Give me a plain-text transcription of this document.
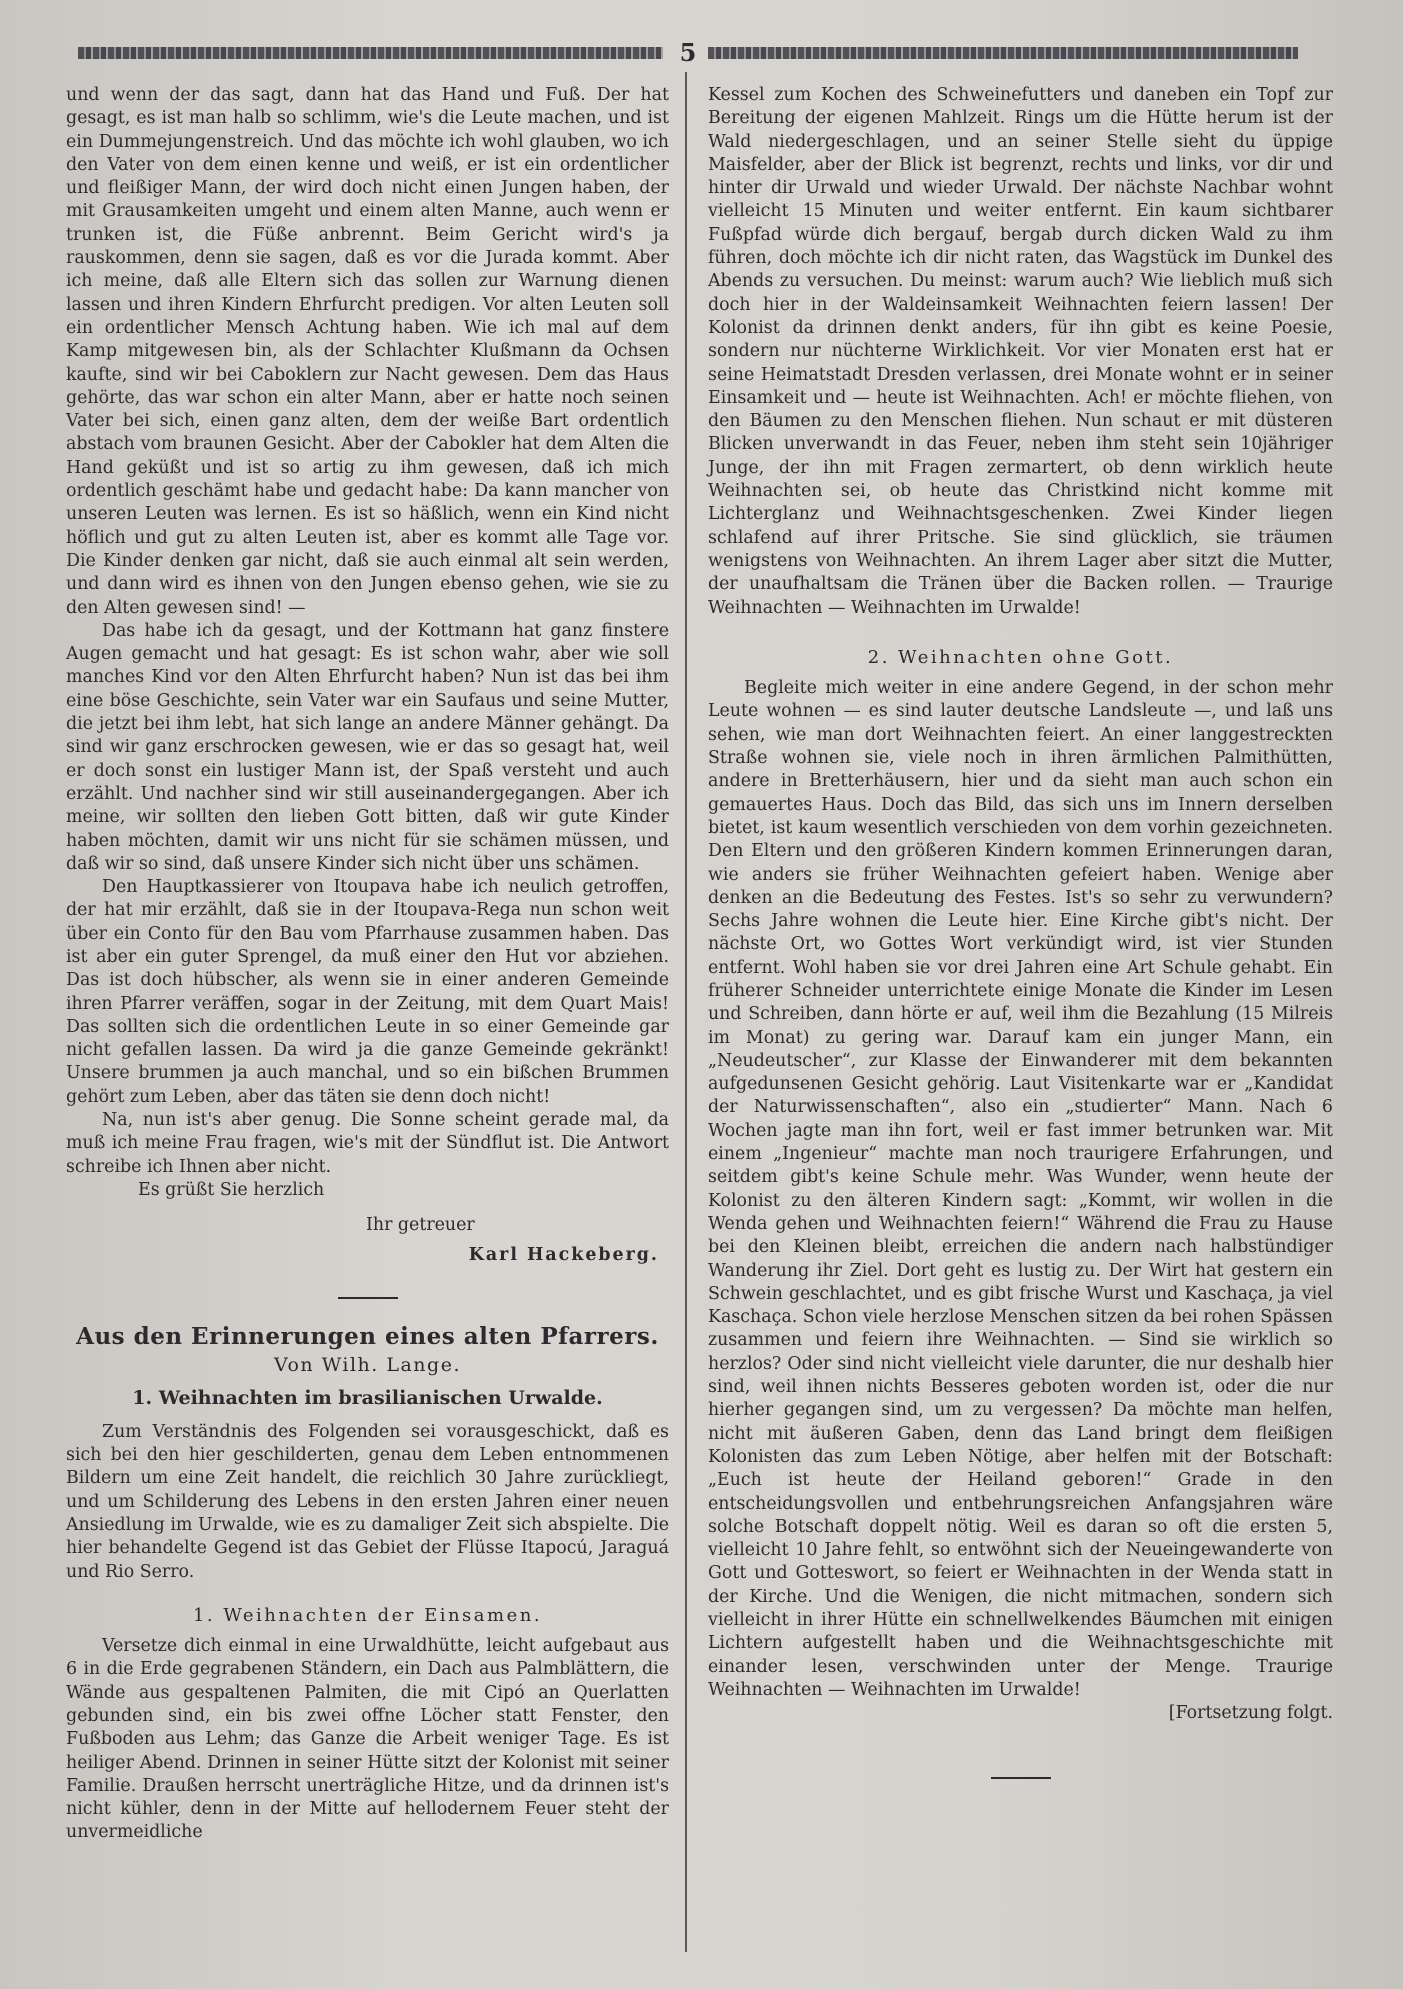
5

und wenn der das sagt, dann hat das Hand und Fuß. Der hat gesagt, es ist man halb so schlimm, wie's die Leute machen, und ist ein Dummejungenstreich. Und das möchte ich wohl glauben, wo ich den Vater von dem einen kenne und weiß, er ist ein ordentlicher und fleißiger Mann, der wird doch nicht einen Jungen haben, der mit Grausamkeiten umgeht und einem alten Manne, auch wenn er trunken ist, die Füße anbrennt. Beim Gericht wird's ja rauskommen, denn sie sagen, daß es vor die Jurada kommt. Aber ich meine, daß alle Eltern sich das sollen zur Warnung dienen lassen und ihren Kindern Ehrfurcht predigen. Vor alten Leuten soll ein ordentlicher Mensch Achtung haben. Wie ich mal auf dem Kamp mitgewesen bin, als der Schlachter Klußmann da Ochsen kaufte, sind wir bei Caboklern zur Nacht gewesen. Dem das Haus gehörte, das war schon ein alter Mann, aber er hatte noch seinen Vater bei sich, einen ganz alten, dem der weiße Bart ordentlich abstach vom braunen Gesicht. Aber der Cabokler hat dem Alten die Hand geküßt und ist so artig zu ihm gewesen, daß ich mich ordentlich geschämt habe und gedacht habe: Da kann mancher von unseren Leuten was lernen. Es ist so häßlich, wenn ein Kind nicht höflich und gut zu alten Leuten ist, aber es kommt alle Tage vor. Die Kinder denken gar nicht, daß sie auch einmal alt sein werden, und dann wird es ihnen von den Jungen ebenso gehen, wie sie zu den Alten gewesen sind! —

Das habe ich da gesagt, und der Kottmann hat ganz finstere Augen gemacht und hat gesagt: Es ist schon wahr, aber wie soll manches Kind vor den Alten Ehrfurcht haben? Nun ist das bei ihm eine böse Geschichte, sein Vater war ein Saufaus und seine Mutter, die jetzt bei ihm lebt, hat sich lange an andere Männer gehängt. Da sind wir ganz erschrocken gewesen, wie er das so gesagt hat, weil er doch sonst ein lustiger Mann ist, der Spaß versteht und auch erzählt. Und nachher sind wir still auseinandergegangen. Aber ich meine, wir sollten den lieben Gott bitten, daß wir gute Kinder haben möchten, damit wir uns nicht für sie schämen müssen, und daß wir so sind, daß unsere Kinder sich nicht über uns schämen.

Den Hauptkassierer von Itoupava habe ich neulich getroffen, der hat mir erzählt, daß sie in der Itoupava-Rega nun schon weit über ein Conto für den Bau vom Pfarrhause zusammen haben. Das ist aber ein guter Sprengel, da muß einer den Hut vor abziehen. Das ist doch hübscher, als wenn sie in einer anderen Gemeinde ihren Pfarrer veräffen, sogar in der Zeitung, mit dem Quart Mais! Das sollten sich die ordentlichen Leute in so einer Gemeinde gar nicht gefallen lassen. Da wird ja die ganze Gemeinde gekränkt! Unsere brummen ja auch manchal, und so ein bißchen Brummen gehört zum Leben, aber das täten sie denn doch nicht!

Na, nun ist's aber genug. Die Sonne scheint gerade mal, da muß ich meine Frau fragen, wie's mit der Sündflut ist. Die Antwort schreibe ich Ihnen aber nicht.

Es grüßt Sie herzlich

Ihr getreuer
Karl Hackeberg.
Aus den Erinnerungen eines alten Pfarrers.
Von Wilh. Lange.
1. Weihnachten im brasilianischen Urwalde.

Zum Verständnis des Folgenden sei vorausgeschickt, daß es sich bei den hier geschilderten, genau dem Leben entnommenen Bildern um eine Zeit handelt, die reichlich 30 Jahre zurückliegt, und um Schilderung des Lebens in den ersten Jahren einer neuen Ansiedlung im Urwalde, wie es zu damaliger Zeit sich abspielte. Die hier behandelte Gegend ist das Gebiet der Flüsse Itapocú, Jaraguá und Rio Serro.

1. Weihnachten der Einsamen.

Versetze dich einmal in eine Urwaldhütte, leicht aufgebaut aus 6 in die Erde gegrabenen Ständern, ein Dach aus Palmblättern, die Wände aus gespaltenen Palmiten, die mit Cipó an Querlatten gebunden sind, ein bis zwei offne Löcher statt Fenster, den Fußboden aus Lehm; das Ganze die Arbeit weniger Tage. Es ist heiliger Abend. Drinnen in seiner Hütte sitzt der Kolonist mit seiner Familie. Draußen herrscht unerträgliche Hitze, und da drinnen ist's nicht kühler, denn in der Mitte auf hellodernem Feuer steht der unvermeidliche

Kessel zum Kochen des Schweinefutters und daneben ein Topf zur Bereitung der eigenen Mahlzeit. Rings um die Hütte herum ist der Wald niedergeschlagen, und an seiner Stelle sieht du üppige Maisfelder, aber der Blick ist begrenzt, rechts und links, vor dir und hinter dir Urwald und wieder Urwald. Der nächste Nachbar wohnt vielleicht 15 Minuten und weiter entfernt. Ein kaum sichtbarer Fußpfad würde dich bergauf, bergab durch dicken Wald zu ihm führen, doch möchte ich dir nicht raten, das Wagstück im Dunkel des Abends zu versuchen. Du meinst: warum auch? Wie lieblich muß sich doch hier in der Waldeinsamkeit Weihnachten feiern lassen! Der Kolonist da drinnen denkt anders, für ihn gibt es keine Poesie, sondern nur nüchterne Wirklichkeit. Vor vier Monaten erst hat er seine Heimatstadt Dresden verlassen, drei Monate wohnt er in seiner Einsamkeit und — heute ist Weihnachten. Ach! er möchte fliehen, von den Bäumen zu den Menschen fliehen. Nun schaut er mit düsteren Blicken unverwandt in das Feuer, neben ihm steht sein 10jähriger Junge, der ihn mit Fragen zermartert, ob denn wirklich heute Weihnachten sei, ob heute das Christkind nicht komme mit Lichterglanz und Weihnachtsgeschenken. Zwei Kinder liegen schlafend auf ihrer Pritsche. Sie sind glücklich, sie träumen wenigstens von Weihnachten. An ihrem Lager aber sitzt die Mutter, der unaufhaltsam die Tränen über die Backen rollen. — Traurige Weihnachten — Weihnachten im Urwalde!

2. Weihnachten ohne Gott.

Begleite mich weiter in eine andere Gegend, in der schon mehr Leute wohnen — es sind lauter deutsche Landsleute —, und laß uns sehen, wie man dort Weihnachten feiert. An einer langgestreckten Straße wohnen sie, viele noch in ihren ärmlichen Palmithütten, andere in Bretterhäusern, hier und da sieht man auch schon ein gemauertes Haus. Doch das Bild, das sich uns im Innern derselben bietet, ist kaum wesentlich verschieden von dem vorhin gezeichneten. Den Eltern und den größeren Kindern kommen Erinnerungen daran, wie anders sie früher Weihnachten gefeiert haben. Wenige aber denken an die Bedeutung des Festes. Ist's so sehr zu verwundern? Sechs Jahre wohnen die Leute hier. Eine Kirche gibt's nicht. Der nächste Ort, wo Gottes Wort verkündigt wird, ist vier Stunden entfernt. Wohl haben sie vor drei Jahren eine Art Schule gehabt. Ein früherer Schneider unterrichtete einige Monate die Kinder im Lesen und Schreiben, dann hörte er auf, weil ihm die Bezahlung (15 Milreis im Monat) zu gering war. Darauf kam ein junger Mann, ein „Neudeutscher“, zur Klasse der Einwanderer mit dem bekannten aufgedunsenen Gesicht gehörig. Laut Visitenkarte war er „Kandidat der Naturwissenschaften“, also ein „studierter“ Mann. Nach 6 Wochen jagte man ihn fort, weil er fast immer betrunken war. Mit einem „Ingenieur“ machte man noch traurigere Erfahrungen, und seitdem gibt's keine Schule mehr. Was Wunder, wenn heute der Kolonist zu den älteren Kindern sagt: „Kommt, wir wollen in die Wenda gehen und Weihnachten feiern!“ Während die Frau zu Hause bei den Kleinen bleibt, erreichen die andern nach halbstündiger Wanderung ihr Ziel. Dort geht es lustig zu. Der Wirt hat gestern ein Schwein geschlachtet, und es gibt frische Wurst und Kaschaça, ja viel Kaschaça. Schon viele herzlose Menschen sitzen da bei rohen Spässen zusammen und feiern ihre Weihnachten. — Sind sie wirklich so herzlos? Oder sind nicht vielleicht viele darunter, die nur deshalb hier sind, weil ihnen nichts Besseres geboten worden ist, oder die nur hierher gegangen sind, um zu vergessen? Da möchte man helfen, nicht mit äußeren Gaben, denn das Land bringt dem fleißigen Kolonisten das zum Leben Nötige, aber helfen mit der Botschaft: „Euch ist heute der Heiland geboren!“ Grade in den entscheidungsvollen und entbehrungsreichen Anfangsjahren wäre solche Botschaft doppelt nötig. Weil es daran so oft die ersten 5, vielleicht 10 Jahre fehlt, so entwöhnt sich der Neueingewanderte von Gott und Gotteswort, so feiert er Weihnachten in der Wenda statt in der Kirche. Und die Wenigen, die nicht mitmachen, sondern sich vielleicht in ihrer Hütte ein schnellwelkendes Bäumchen mit einigen Lichtern aufgestellt haben und die Weihnachtsgeschichte mit einander lesen, verschwinden unter der Menge. Traurige Weihnachten — Weihnachten im Urwalde!

[Fortsetzung folgt.
